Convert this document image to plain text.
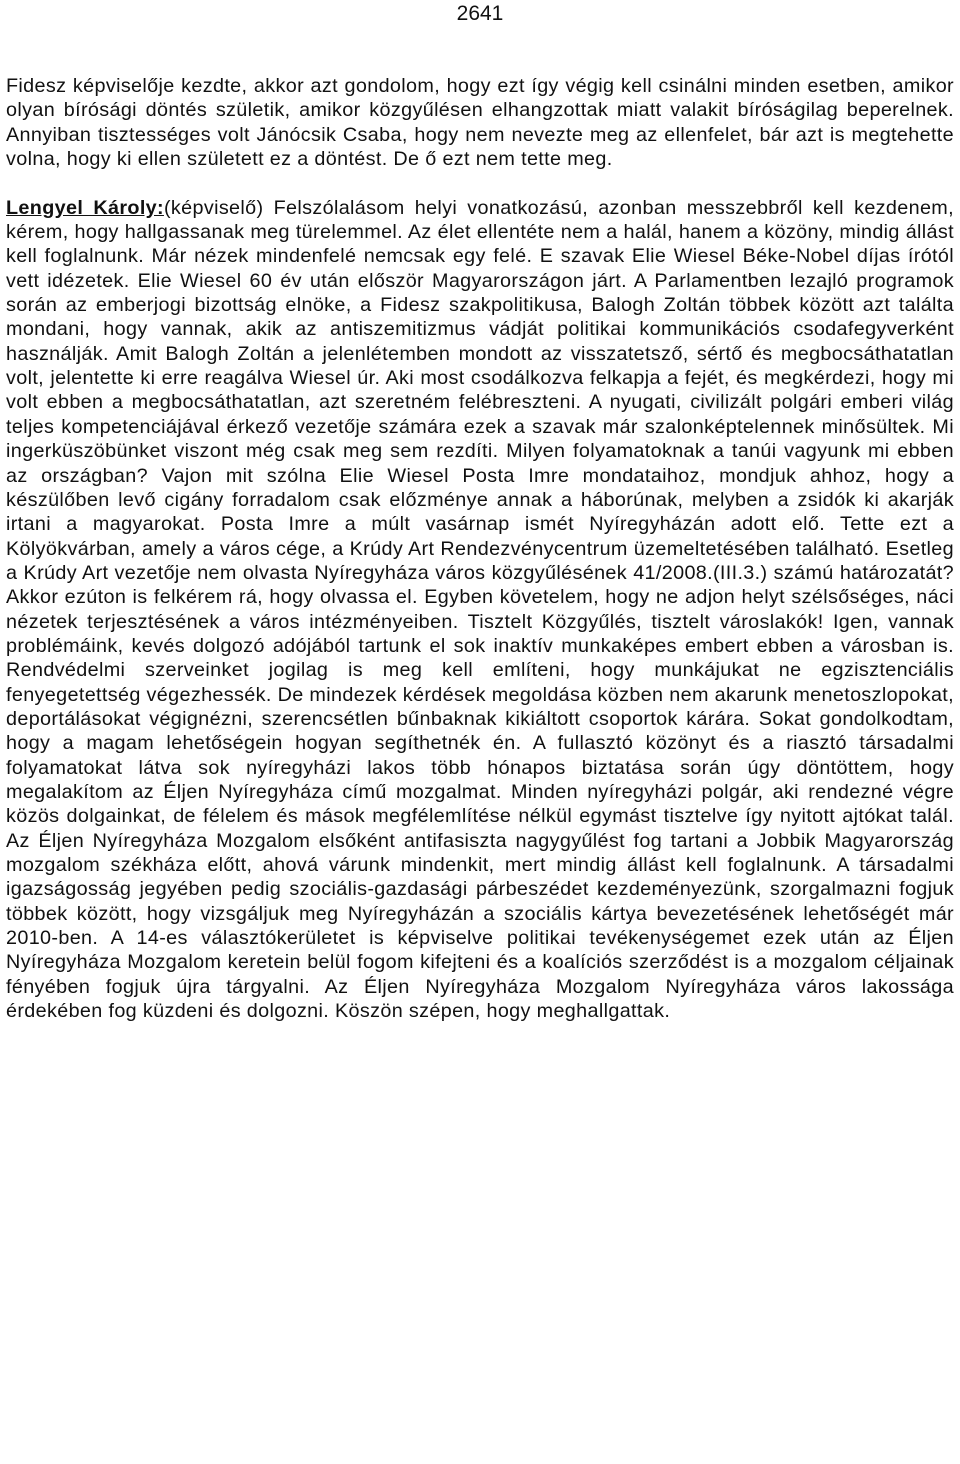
2641

Fidesz képviselője kezdte, akkor azt gondolom, hogy ezt így végig kell csinálni minden esetben, amikor olyan bírósági döntés születik, amikor közgyűlésen elhangzottak miatt valakit bíróságilag beperelnek. Annyiban tisztességes volt Jánócsik Csaba, hogy nem nevezte meg az ellenfelet, bár azt is megtehette volna, hogy ki ellen született ez a döntést. De ő ezt nem tette meg.

Lengyel Károly:(képviselő) Felszólalásom helyi vonatkozású, azonban messzebbről kell kezdenem, kérem, hogy hallgassanak meg türelemmel. Az élet ellentéte nem a halál, hanem a közöny, mindig állást kell foglalnunk. Már nézek mindenfelé nemcsak egy felé. E szavak Elie Wiesel Béke-Nobel díjas írótól vett idézetek. Elie Wiesel 60 év után először Magyarországon járt. A Parlamentben lezajló programok során az emberjogi bizottság elnöke, a Fidesz szakpolitikusa, Balogh Zoltán többek között azt találta mondani, hogy vannak, akik az antiszemitizmus vádját politikai kommunikációs csodafegyverként használják. Amit Balogh Zoltán a jelenlétemben mondott az visszatetsző, sértő és megbocsáthatatlan volt, jelentette ki erre reagálva Wiesel úr. Aki most csodálkozva felkapja a fejét, és megkérdezi, hogy mi volt ebben a megbocsáthatatlan, azt szeretném felébreszteni. A nyugati, civilizált polgári emberi világ teljes kompetenciájával érkező vezetője számára ezek a szavak már szalonképtelennek minősültek. Mi ingerküszöbünket viszont még csak meg sem rezdíti. Milyen folyamatoknak a tanúi vagyunk mi ebben az országban? Vajon mit szólna Elie Wiesel Posta Imre mondataihoz, mondjuk ahhoz, hogy a készülőben levő cigány forradalom csak előzménye annak a háborúnak, melyben a zsidók ki akarják irtani a magyarokat. Posta Imre a múlt vasárnap ismét Nyíregyházán adott elő. Tette ezt a Kölyökvárban, amely a város cége, a Krúdy Art Rendezvénycentrum üzemeltetésében található. Esetleg a Krúdy Art vezetője nem olvasta Nyíregyháza város közgyűlésének 41/2008.(III.3.) számú határozatát? Akkor ezúton is felkérem rá, hogy olvassa el. Egyben követelem, hogy ne adjon helyt szélsőséges, náci nézetek terjesztésének a város intézményeiben. Tisztelt Közgyűlés, tisztelt városlakók! Igen, vannak problémáink, kevés dolgozó adójából tartunk el sok inaktív munkaképes embert ebben a városban is. Rendvédelmi szerveinket jogilag is meg kell említeni, hogy munkájukat ne egzisztenciális fenyegetettség végezhessék. De mindezek kérdések megoldása közben nem akarunk menetoszlopokat, deportálásokat végignézni, szerencsétlen bűnbaknak kikiáltott csoportok kárára. Sokat gondolkodtam, hogy a magam lehetőségein hogyan segíthetnék én. A fullasztó közönyt és a riasztó társadalmi folyamatokat látva sok nyíregyházi lakos több hónapos biztatása során úgy döntöttem, hogy megalakítom az Éljen Nyíregyháza című mozgalmat. Minden nyíregyházi polgár, aki rendezné végre közös dolgainkat, de félelem és mások megfélemlítése nélkül egymást tisztelve így nyitott ajtókat talál. Az Éljen Nyíregyháza Mozgalom elsőként antifasiszta nagygyűlést fog tartani a Jobbik Magyarország mozgalom székháza előtt, ahová várunk mindenkit, mert mindig állást kell foglalnunk. A társadalmi igazságosság jegyében pedig szociális-gazdasági párbeszédet kezdeményezünk, szorgalmazni fogjuk többek között, hogy vizsgáljuk meg Nyíregyházán a szociális kártya bevezetésének lehetőségét már 2010-ben. A 14-es választókerületet is képviselve politikai tevékenységemet ezek után az Éljen Nyíregyháza Mozgalom keretein belül fogom kifejteni és a koalíciós szerződést is a mozgalom céljainak fényében fogjuk újra tárgyalni. Az Éljen Nyíregyháza Mozgalom Nyíregyháza város lakossága érdekében fog küzdeni és dolgozni. Köszön szépen, hogy meghallgattak.
